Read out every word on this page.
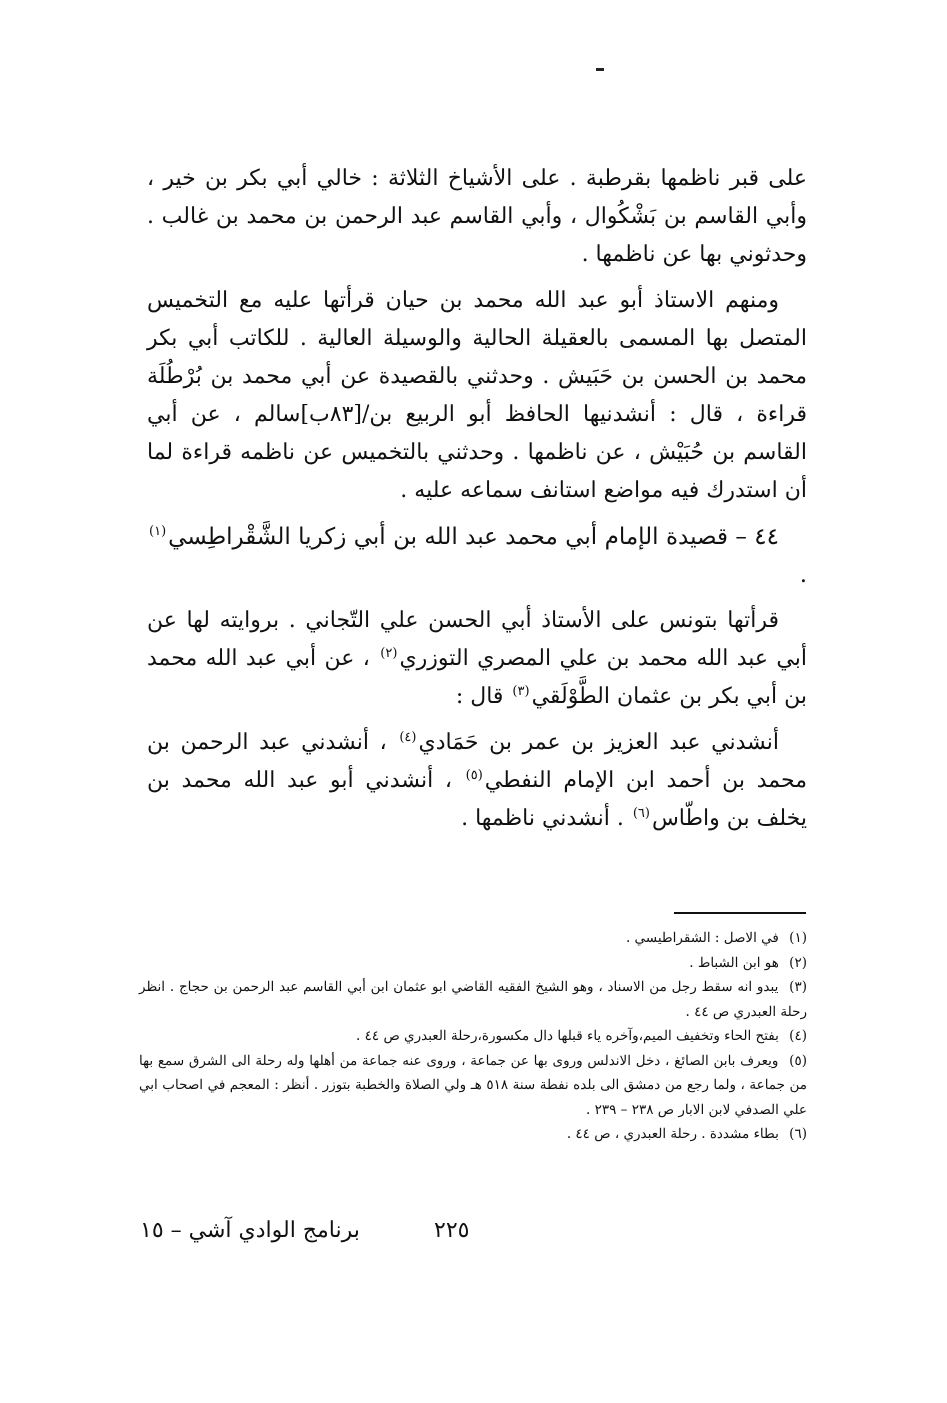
على قبر ناظمها بقرطبة . على الأشياخ الثلاثة : خالي أبي بكر بن خير ، وأبي القاسم بن بَشْكُوال ، وأبي القاسم عبد الرحمن بن محمد بن غالب . وحدثوني بها عن ناظمها .

ومنهم الاستاذ أبو عبد الله محمد بن حيان قرأتها عليه مع التخميس المتصل بها المسمى بالعقيلة الحالية والوسيلة العالية . للكاتب أبي بكر محمد بن الحسن بن حَبَيش . وحدثني بالقصيدة عن أبي محمد بن بُرْطُلَة قراءة ، قال : أنشدنيها الحافظ أبو الربيع بن/[٨٣ب]سالم ، عن أبي القاسم بن حُبَيْش ، عن ناظمها . وحدثني بالتخميس عن ناظمه قراءة لما أن استدرك فيه مواضع استانف سماعه عليه .

٤٤ – قصيدة الإمام أبي محمد عبد الله بن أبي زكريا الشَّقْراطِسي$^{(١)}$ .

قرأتها بتونس على الأستاذ أبي الحسن علي التّجاني . بروايته لها عن أبي عبد الله محمد بن علي المصري التوزري$^{(٢)}$ ، عن أبي عبد الله محمد بن أبي بكر بن عثمان الطَّوْلَقي$^{(٣)}$ قال :

أنشدني عبد العزيز بن عمر بن حَمَادي$^{(٤)}$ ، أنشدني عبد الرحمن بن محمد بن أحمد ابن الإمام النفطي$^{(٥)}$ ، أنشدني أبو عبد الله محمد بن يخلف بن واطّاس$^{(٦)}$ . أنشدني ناظمها .

(١) في الاصل : الشقراطيسي .

(٢) هو ابن الشباط .

(٣) يبدو انه سقط رجل من الاسناد ، وهو الشيخ الفقيه القاضي ابو عثمان ابن أبي القاسم عبد الرحمن بن حجاج . انظر رحلة العبدري ص ٤٤ .

(٤) بفتح الحاء وتخفيف الميم،وآخره ياء قبلها دال مكسورة،رحلة العبدري ص ٤٤ .

(٥) ويعرف بابن الصائغ ، دخل الاندلس وروى بها عن جماعة ، وروى عنه جماعة من أهلها وله رحلة الى الشرق سمع بها من جماعة ، ولما رجع من دمشق الى بلده نفطة سنة ٥١٨ هـ ولي الصلاة والخطبة بتوزر . أنظر : المعجم في اصحاب ابي علي الصدفي لابن الابار ص ٢٣٨ – ٢٣٩ .

(٦) بطاء مشددة . رحلة العبدري ، ص ٤٤ .

٢٢٥
برنامج الوادي آشي – ١٥
